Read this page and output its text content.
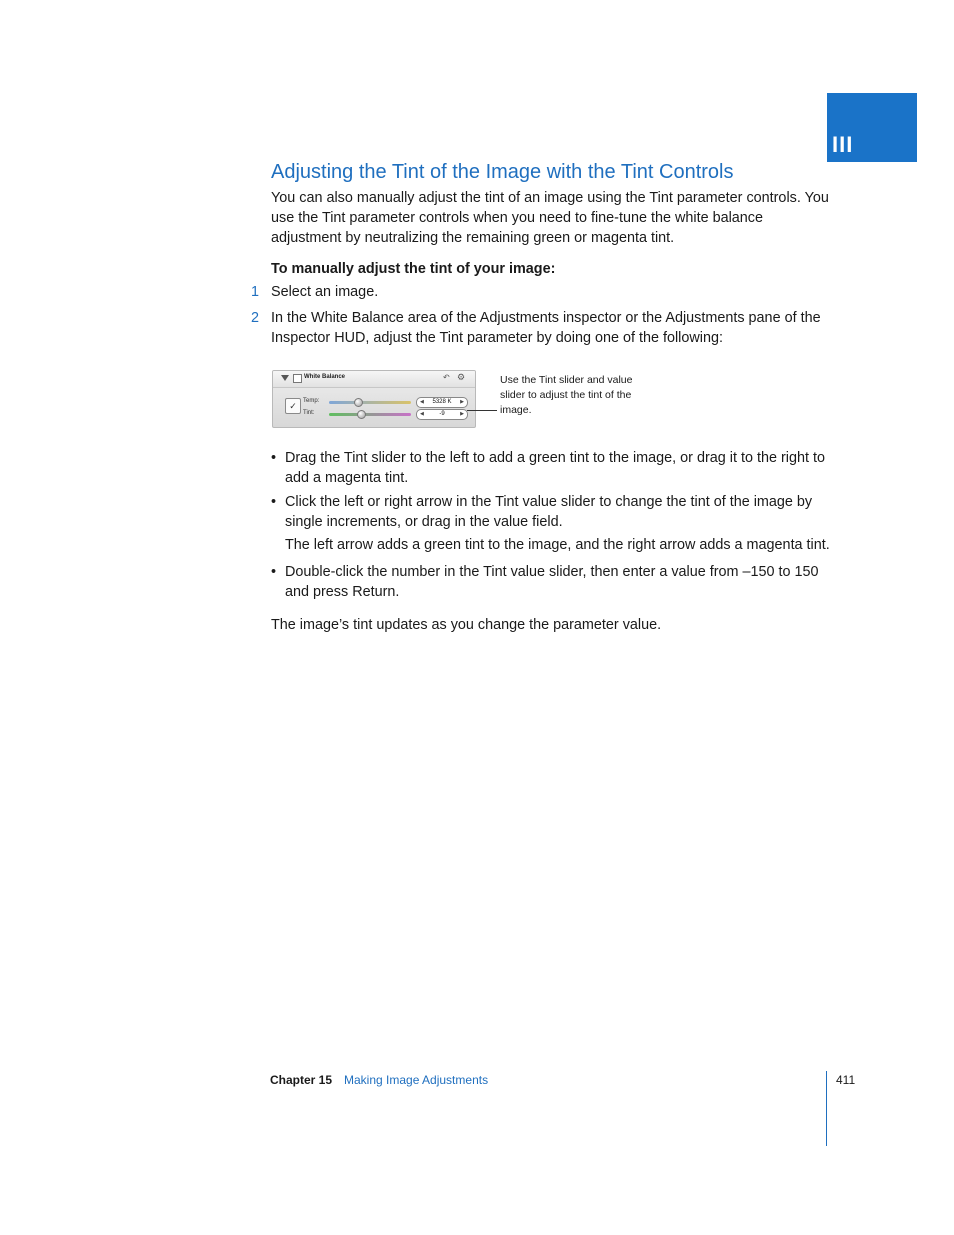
III
Adjusting the Tint of the Image with the Tint Controls

You can also manually adjust the tint of an image using the Tint parameter controls. You use the Tint parameter controls when you need to fine-tune the white balance adjustment by neutralizing the remaining green or magenta tint.

To manually adjust the tint of your image:

1 Select an image.
2 In the White Balance area of the Adjustments inspector or the Adjustments pane of the Inspector HUD, adjust the Tint parameter by doing one of the following:
White Balance	↶ ⚙
✓	Temp:	◀ 5328 K ▶
Tint:	◀	-9	▶
Use the Tint slider and value slider to adjust the tint of the image.
• Drag the Tint slider to the left to add a green tint to the image, or drag it to the right to add a magenta tint.
• Click the left or right arrow in the Tint value slider to change the tint of the image by single increments, or drag in the value field.

The left arrow adds a green tint to the image, and the right arrow adds a magenta tint.

• Double-click the number in the Tint value slider, then enter a value from –150 to 150 and press Return.

The image’s tint updates as you change the parameter value.

Chapter 15 Making Image Adjustments	411
